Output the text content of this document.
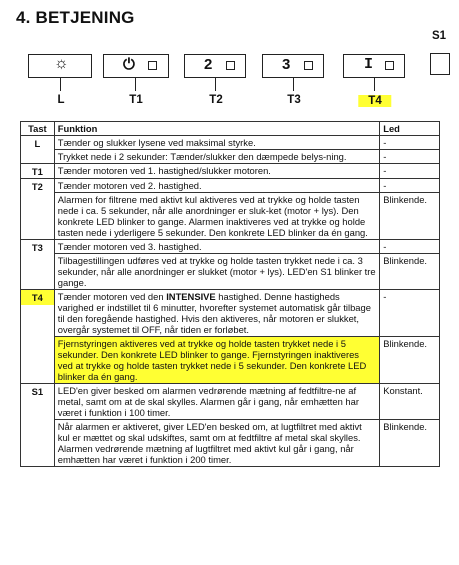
4. BETJENING
☼
L
⏻
T1
2
T2
3
T3
I
T4
S1
Tast	Funktion	Led
L	Tænder og slukker lysene ved maksimal styrke.	-
	Trykket nede i 2 sekunder: Tænder/slukker den dæmpede belys-ning.	-
T1	Tænder motoren ved 1. hastighed/slukker motoren.	-
T2	Tænder motoren ved 2. hastighed.	-
	Alarmen for filtrene med aktivt kul aktiveres ved at trykke og holde tasten nede i ca. 5 sekunder, når alle anordninger er sluk-ket (motor + lys). Den konkrete LED blinker to gange. Alarmen inaktiveres ved at trykke og holde tasten nede i yderligere 5 sekunder. Den konkrete LED blinker da én gang.	Blinkende.
T3	Tænder motoren ved 3. hastighed.	-
	Tilbagestillingen udføres ved at trykke og holde tasten trykket nede i ca. 3 sekunder, når alle anordninger er slukket (motor + lys). LED'en S1 blinker tre gange.	Blinkende.

T4	Tænder motoren ved den INTENSIVE hastighed. Denne hastigheds varighed er indstillet til 6 minutter, hvorefter systemet automatisk går tilbage til den foregående hastighed. Hvis den aktiveres, når motoren er slukket, overgår systemet til OFF, når tiden er forløbet.	-
	Fjernstyringen aktiveres ved at trykke og holde tasten trykket nede i 5 sekunder. Den konkrete LED blinker to gange. Fjernstyringen inaktiveres ved at trykke og holde tasten trykket nede i 5 sekunder. Den konkrete LED blinker da én gang.	Blinkende.
S1	LED'en giver besked om alarmen vedrørende mætning af fedtfiltre-ne af metal, samt om at de skal skylles. Alarmen går i gang, når emhætten har været i funktion i 100 timer.	Konstant.
	Når alarmen er aktiveret, giver LED'en besked om, at lugtfiltret med aktivt kul er mættet og skal udskiftes, samt om at fedtfiltre af metal skal skylles. Alarmen vedrørende mætning af lugtfiltret med aktivt kul går i gang, når emhætten har været i funktion i 200 timer.	Blinkende.
